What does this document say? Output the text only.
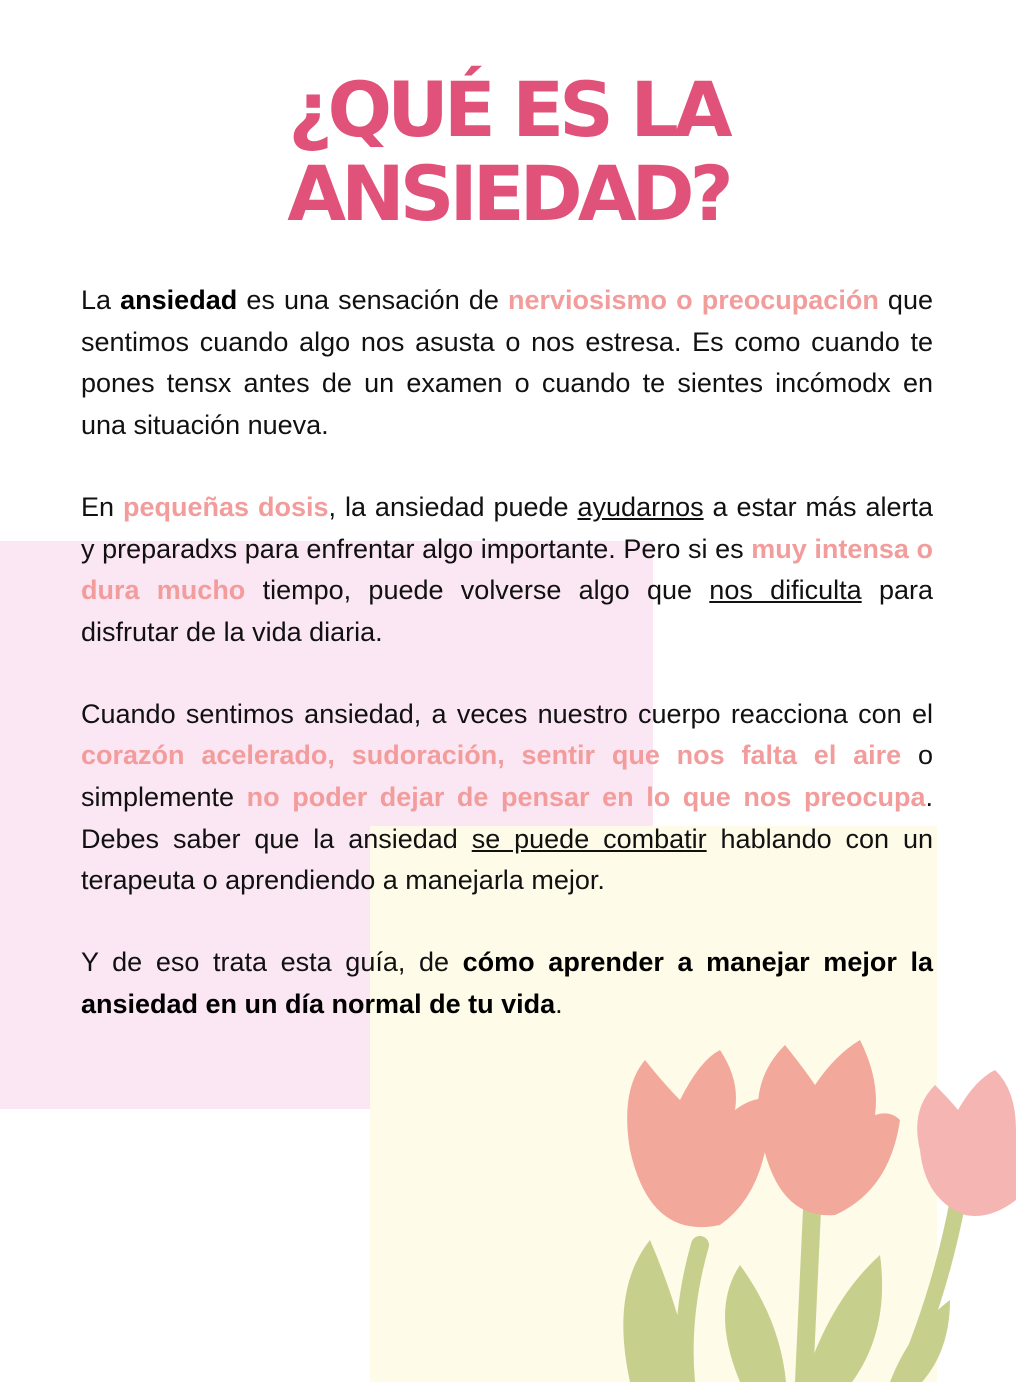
¿QUÉ ES LA
ANSIEDAD?

La ansiedad es una sensación de nerviosismo o preocupación que sentimos cuando algo nos asusta o nos estresa. Es como cuando te pones tensx antes de un examen o cuando te sientes incómodx en una situación nueva.

En pequeñas dosis, la ansiedad puede ayudarnos a estar más alerta y preparadxs para enfrentar algo importante. Pero si es muy intensa o dura mucho tiempo, puede volverse algo que nos dificulta para disfrutar de la vida diaria.

Cuando sentimos ansiedad, a veces nuestro cuerpo reacciona con el corazón acelerado, sudoración, sentir que nos falta el aire o simplemente no poder dejar de pensar en lo que nos preocupa. Debes saber que la ansiedad se puede combatir hablando con un terapeuta o aprendiendo a manejarla mejor.

Y de eso trata esta guía, de cómo aprender a manejar mejor la ansiedad en un día normal de tu vida.
